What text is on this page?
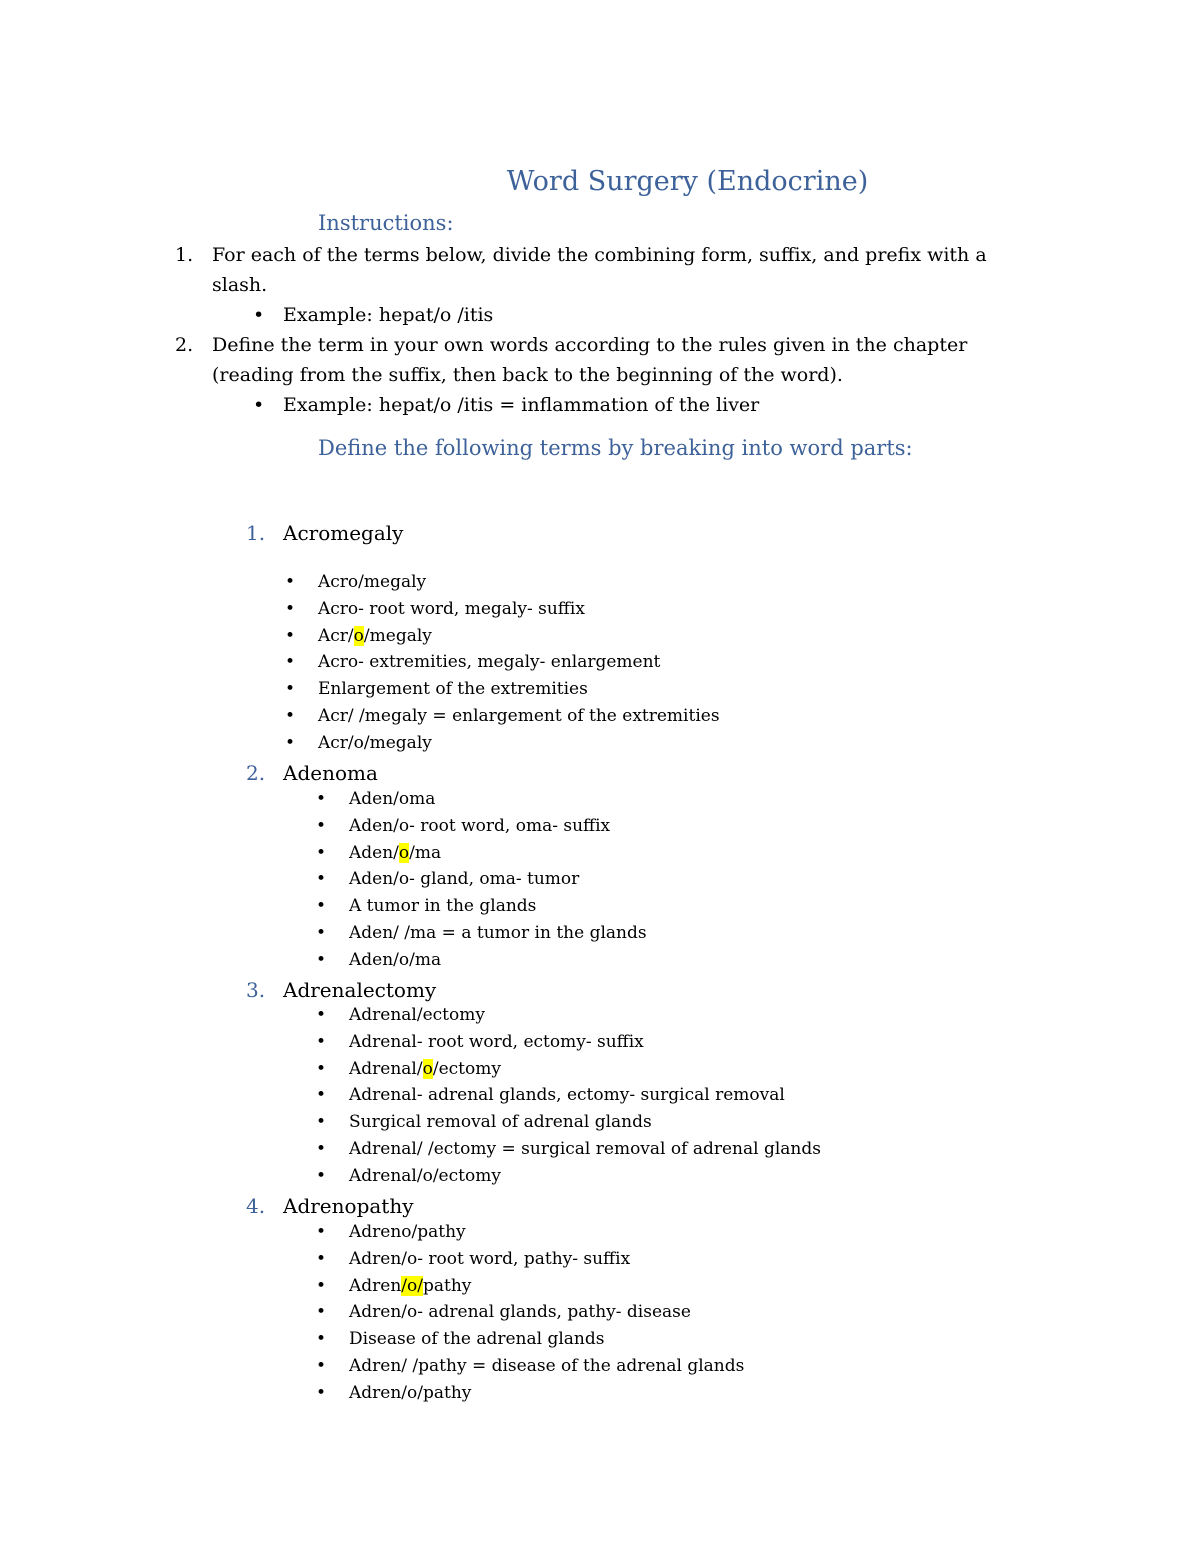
Word Surgery (Endocrine)
Instructions:
1. For each of the terms below, divide the combining form, suffix, and prefix with a slash.
• Example: hepat/o /itis
2. Define the term in your own words according to the rules given in the chapter (reading from the suffix, then back to the beginning of the word).
• Example: hepat/o /itis = inflammation of the liver
Define the following terms by breaking into word parts:
1. Acromegaly
• Acro/megaly
• Acro- root word, megaly- suffix
• Acr/o/megaly
• Acro- extremities, megaly- enlargement
• Enlargement of the extremities
• Acr/ /megaly = enlargement of the extremities
• Acr/o/megaly
2. Adenoma
• Aden/oma
• Aden/o- root word, oma- suffix
• Aden/o/ma
• Aden/o- gland, oma- tumor
• A tumor in the glands
• Aden/ /ma = a tumor in the glands
• Aden/o/ma
3. Adrenalectomy
• Adrenal/ectomy
• Adrenal- root word, ectomy- suffix
• Adrenal/o/ectomy
• Adrenal- adrenal glands, ectomy- surgical removal
• Surgical removal of adrenal glands
• Adrenal/ /ectomy = surgical removal of adrenal glands
• Adrenal/o/ectomy
4. Adrenopathy
• Adreno/pathy
• Adren/o- root word, pathy- suffix
• Adren/o/pathy
• Adren/o- adrenal glands, pathy- disease
• Disease of the adrenal glands
• Adren/ /pathy = disease of the adrenal glands
• Adren/o/pathy
